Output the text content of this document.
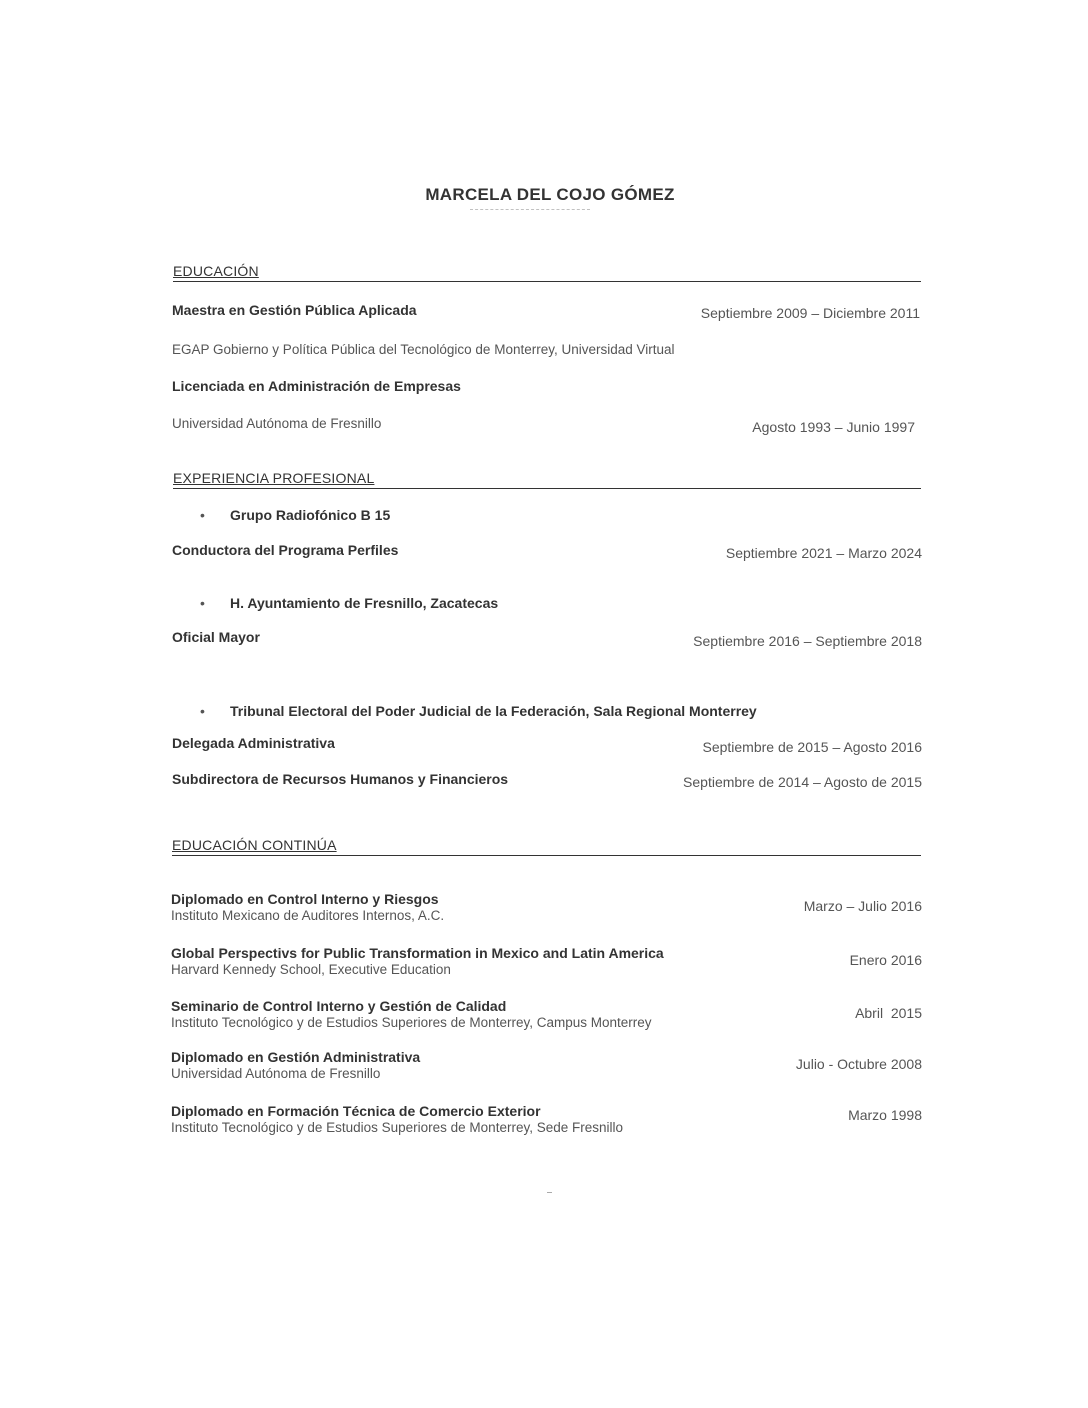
MARCELA DEL COJO GÓMEZ
EDUCACIÓN
Maestra en Gestión Pública Aplicada	Septiembre 2009 – Diciembre 2011
EGAP Gobierno y Política Pública del Tecnológico de Monterrey, Universidad Virtual
Licenciada en Administración de Empresas
Universidad Autónoma de Fresnillo	Agosto 1993 – Junio 1997
EXPERIENCIA PROFESIONAL
• Grupo Radiofónico B 15
Conductora del Programa Perfiles	Septiembre 2021 – Marzo 2024
• H. Ayuntamiento de Fresnillo, Zacatecas
Oficial Mayor	Septiembre 2016 – Septiembre 2018
• Tribunal Electoral del Poder Judicial de la Federación, Sala Regional Monterrey
Delegada Administrativa	Septiembre de 2015 – Agosto 2016
Subdirectora de Recursos Humanos y Financieros	Septiembre de 2014 – Agosto de 2015
EDUCACIÓN CONTINÚA
Diplomado en Control Interno y Riesgos
Instituto Mexicano de Auditores Internos, A.C.
Marzo – Julio 2016
Global Perspectivs for Public Transformation in Mexico and Latin America
Harvard Kennedy School, Executive Education
Enero 2016
Seminario de Control Interno y Gestión de Calidad
Instituto Tecnológico y de Estudios Superiores de Monterrey, Campus Monterrey
Abril  2015
Diplomado en Gestión Administrativa
Universidad Autónoma de Fresnillo
Julio - Octubre 2008
Diplomado en Formación Técnica de Comercio Exterior
Instituto Tecnológico y de Estudios Superiores de Monterrey, Sede Fresnillo
Marzo 1998
